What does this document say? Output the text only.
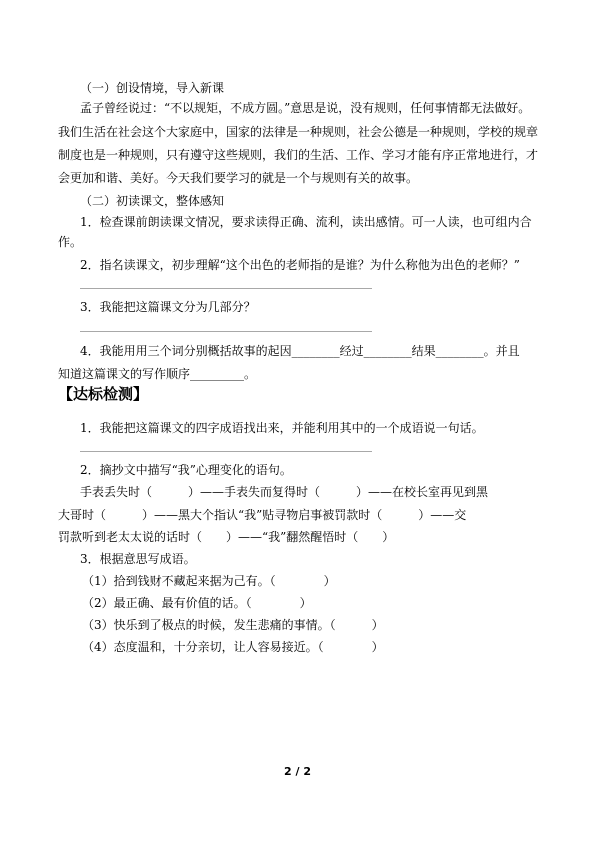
（一）创设情境，导入新课
孟子曾经说过：“不以规矩，不成方圆。”意思是说，没有规则，任何事情都无法做好。
我们生活在社会这个大家庭中，国家的法律是一种规则，社会公德是一种规则，学校的规章
制度也是一种规则，只有遵守这些规则，我们的生活、工作、学习才能有序正常地进行，才
会更加和谐、美好。今天我们要学习的就是一个与规则有关的故事。
（二）初读课文，整体感知
1．检查课前朗读课文情况，要求读得正确、流利，读出感情。可一人读，也可组内合
作。
2．指名读课文，初步理解“这个出色的老师指的是谁？为什么称他为出色的老师？”
3．我能把这篇课文分为几部分？
4．我能用用三个词分别概括故事的起因________经过________结果________。并且
知道这篇课文的写作顺序_________。
【达标检测】
1．我能把这篇课文的四字成语找出来，并能利用其中的一个成语说一句话。
2．摘抄文中描写“我”心理变化的语句。
手表丢失时（　　　）——手表失而复得时（　　　）——在校长室再见到黑
大哥时（　　　）——黑大个指认“我”贴寻物启事被罚款时（　　　）——交
罚款听到老太太说的话时（　　）——“我”翻然醒悟时（　　）
3．根据意思写成语。
（1）拾到钱财不藏起来据为己有。（　　　　）
（2）最正确、最有价值的话。（　　　　）
（3）快乐到了极点的时候，发生悲痛的事情。（　　　）
（4）态度温和，十分亲切，让人容易接近。（　　　　）
2 / 2
